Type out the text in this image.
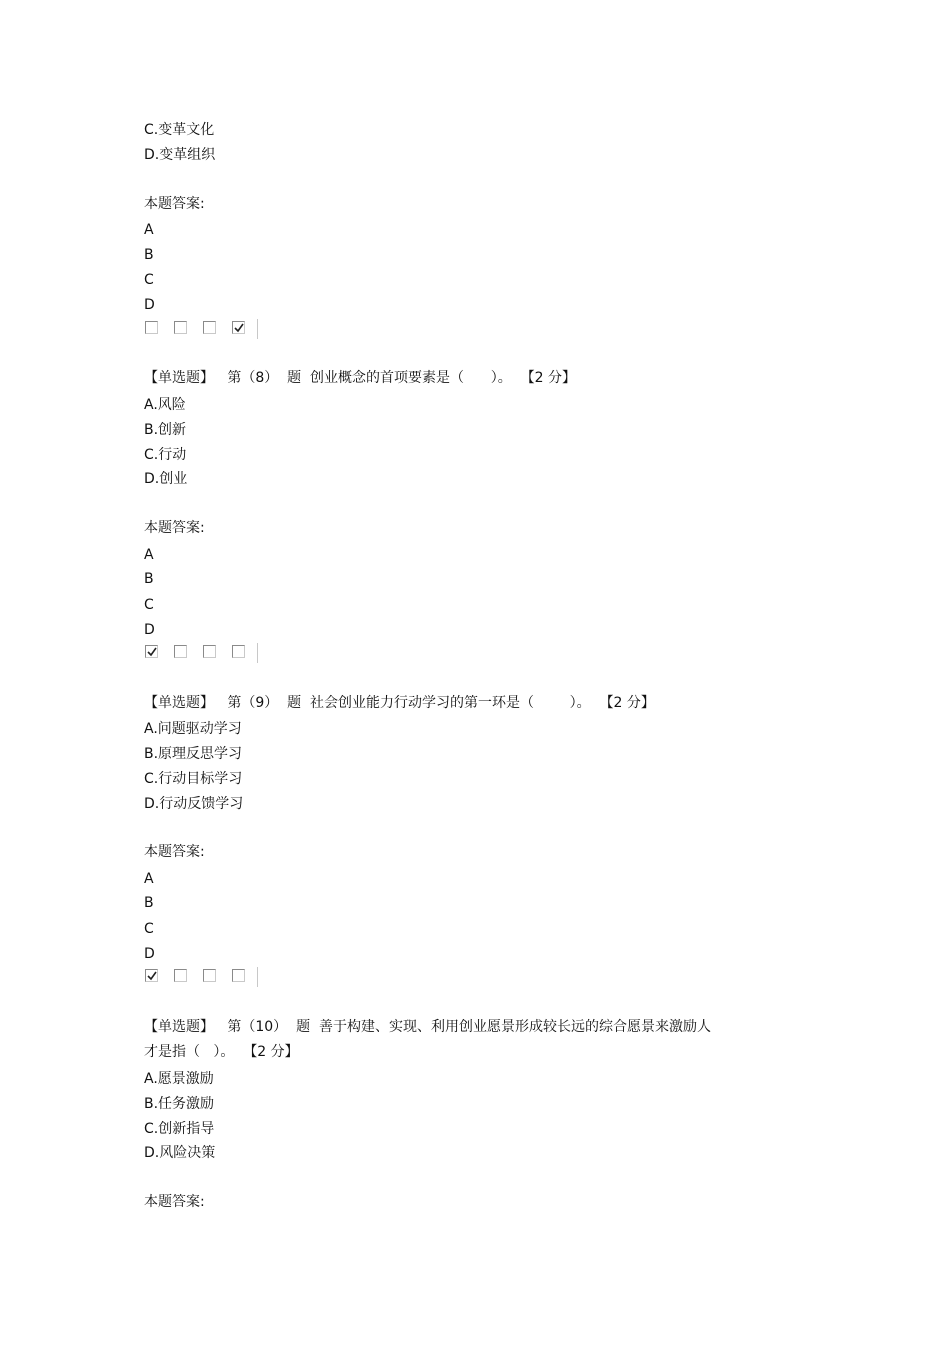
C.变革文化
D.变革组织
本题答案:
A
B
C
D
【单选题】   第（8）  题  创业概念的首项要素是（      ）。  【2 分】
A.风险
B.创新
C.行动
D.创业
本题答案:
A
B
C
D
【单选题】   第（9）  题  社会创业能力行动学习的第一环是（        ）。  【2 分】
A.问题驱动学习
B.原理反思学习
C.行动目标学习
D.行动反馈学习
本题答案:
A
B
C
D
【单选题】   第（10）  题  善于构建、实现、利用创业愿景形成较长远的综合愿景来激励人
才是指（   ）。  【2 分】
A.愿景激励
B.任务激励
C.创新指导
D.风险决策
本题答案:
